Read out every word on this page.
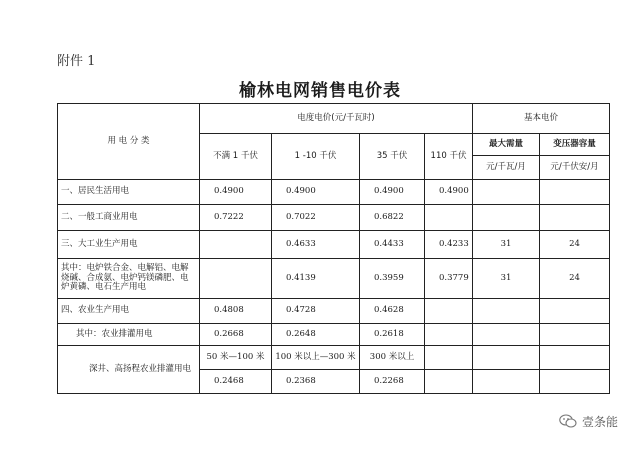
附件 1
榆林电网销售电价表
用 电 分 类	电度电价(元/千瓦时)				基本电价	
	不满 1 千伏	1 -10 千伏	35 千伏	110 千伏	最大需量	变压器容量
					元/千瓦/月	元/千伏安/月
一、居民生活用电	0.4900	0.4900	0.4900	0.4900		
二、一般工商业用电	0.7222	0.7022	0.6822			
三、大工业生产用电		0.4633	0.4433	0.4233	31	24
其中：电炉铁合金、电解铝、电解烧碱、合成氨、电炉钙镁磷肥、电炉黄磷、电石生产用电		0.4139	0.3959	0.3779	31	24
四、农业生产用电	0.4808	0.4728	0.4628			
其中：农业排灌用电	0.2668	0.2648	0.2618			
深井、高扬程农业排灌用电	50 米—100 米	100 米以上—300 米	300 米以上			
	0.2468	0.2368	0.2268			
壹条能
